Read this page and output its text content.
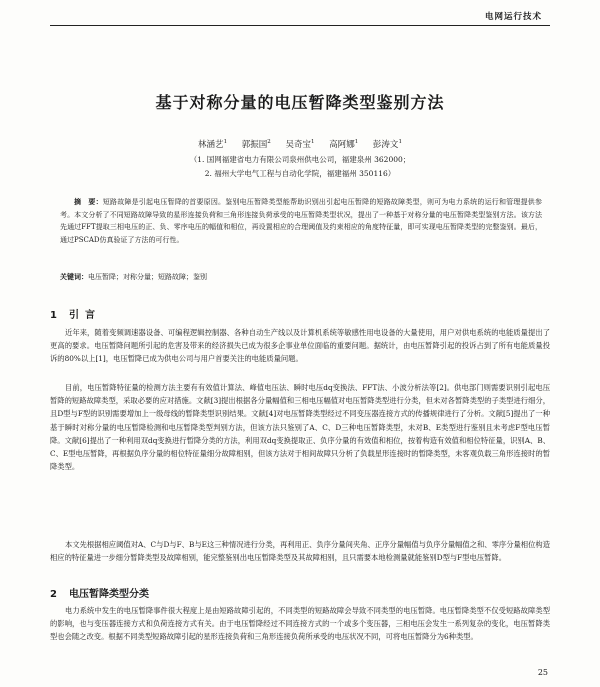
电网运行技术
基于对称分量的电压暂降类型鉴别方法
林涵艺$^1$ 郭振国$^2$ 吴奇宝$^1$ 高阿娜$^1$ 彭涛文$^1$
（1. 国网福建省电力有限公司泉州供电公司，福建泉州 362000；
2. 福州大学电气工程与自动化学院，福建福州 350116）
摘　要：短路故障是引起电压暂降的首要原因。鉴别电压暂降类型能帮助识别出引起电压暂降的短路故障类型，则可为电力系统的运行和管理提供参考。本文分析了不同短路故障导致的星形连接负荷和三角形连接负荷承受的电压暂降类型状况，提出了一种基于对称分量的电压暂降类型鉴别方法。该方法先通过FFT提取三相电压的正、负、零序电压的幅值和相位，再设置相应的合理阈值及约束相应的角度特征量，即可实现电压暂降类型的完整鉴别。最后，通过PSCAD仿真验证了方法的可行性。
关键词：电压暂降；对称分量；短路故障；鉴别
1 引言
近年来，随着变频调速器设备、可编程逻辑控制器、各种自动生产线以及计算机系统等敏感性用电设备的大量使用，用户对供电系统的电能质量提出了更高的要求。电压暂降问题所引起的危害及带来的经济损失已成为很多企事业单位面临的重要问题。据统计，由电压暂降引起的投诉占到了所有电能质量投诉的80%以上[1]，电压暂降已成为供电公司与用户首要关注的电能质量问题。
目前，电压暂降特征量的检测方法主要有有效值计算法、峰值电压法、瞬时电压dq变换法、FFT法、小波分析法等[2]。供电部门则需要识别引起电压暂降的短路故障类型，采取必要的应对措施。文献[3]提出根据各分量幅值和三相电压幅值对电压暂降类型进行分类，但未对各暂降类型的子类型进行细分，且D型与F型的识别需要增加上一级母线的暂降类型识别结果。文献[4]对电压暂降类型经过不同变压器连接方式的传播规律进行了分析。文献[5]提出了一种基于瞬时对称分量的电压暂降检测和电压暂降类型判别方法，但该方法只鉴别了A、C、D三种电压暂降类型，未对B、E类型进行鉴别且未考虑F型电压暂降。文献[6]提出了一种利用双dq变换进行暂降分类的方法，利用双dq变换提取正、负序分量的有效值和相位，按着构造有效值和相位特征量，识别A、B、C、E型电压暂降，再根据负序分量的相位特征量细分故障相别，但该方法对于相间故障只分析了负载星形连接时的暂降类型，未客观负载三角形连接时的暂降类型。
本文先根据相应阈值对A、C与D与F、B与E这三种情况进行分类，再利用正、负序分量间夹角、正序分量幅值与负序分量幅值之和、零序分量相位构造相应的特征量进一步细分暂降类型及故障相别，能完整鉴别出电压暂降类型及其故障相别，且只需要本地检测量就能鉴别D型与F型电压暂降。
2 电压暂降类型分类
电力系统中发生的电压暂降事件很大程度上是由短路故障引起的，不同类型的短路故障会导致不同类型的电压暂降。电压暂降类型不仅受短路故障类型的影响，也与变压器连接方式和负荷连接方式有关。由于电压暂降经过不同连接方式的一个或多个变压器，三相电压会发生一系列复杂的变化，电压暂降类型也会随之改变。根据不同类型短路故障引起的星形连接负荷和三角形连接负荷所承受的电压状况不同，可将电压暂降分为6种类型。
25
